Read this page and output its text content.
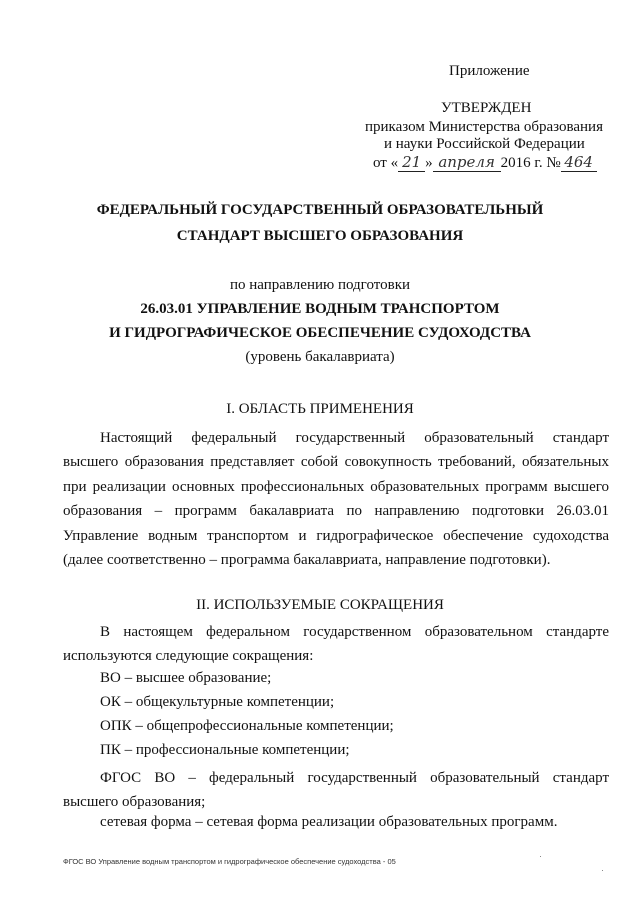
Приложение
УТВЕРЖДЕН
приказом Министерства образования
и науки Российской Федерации
от « 21 » апреля 2016 г. № 464
ФЕДЕРАЛЬНЫЙ ГОСУДАРСТВЕННЫЙ ОБРАЗОВАТЕЛЬНЫЙ
СТАНДАРТ ВЫСШЕГО ОБРАЗОВАНИЯ
по направлению подготовки
26.03.01 УПРАВЛЕНИЕ ВОДНЫМ ТРАНСПОРТОМ
И ГИДРОГРАФИЧЕСКОЕ ОБЕСПЕЧЕНИЕ СУДОХОДСТВА
(уровень бакалавриата)
I. ОБЛАСТЬ ПРИМЕНЕНИЯ
Настоящий федеральный государственный образовательный стандарт
высшего образования представляет собой совокупность требований, обязательных
при реализации основных профессиональных образовательных программ высшего
образования – программ бакалавриата по направлению подготовки 26.03.01
Управление водным транспортом и гидрографическое обеспечение судоходства
(далее соответственно – программа бакалавриата, направление подготовки).
II. ИСПОЛЬЗУЕМЫЕ СОКРАЩЕНИЯ
В настоящем федеральном государственном образовательном стандарте
используются следующие сокращения:
ВО – высшее образование;
ОК – общекультурные компетенции;
ОПК – общепрофессиональные компетенции;
ПК – профессиональные компетенции;
ФГОС ВО – федеральный государственный образовательный стандарт
высшего образования;
сетевая форма – сетевая форма реализации образовательных программ.
ФГОС ВО Управление водным транспортом и гидрографическое обеспечение судоходства - 05
